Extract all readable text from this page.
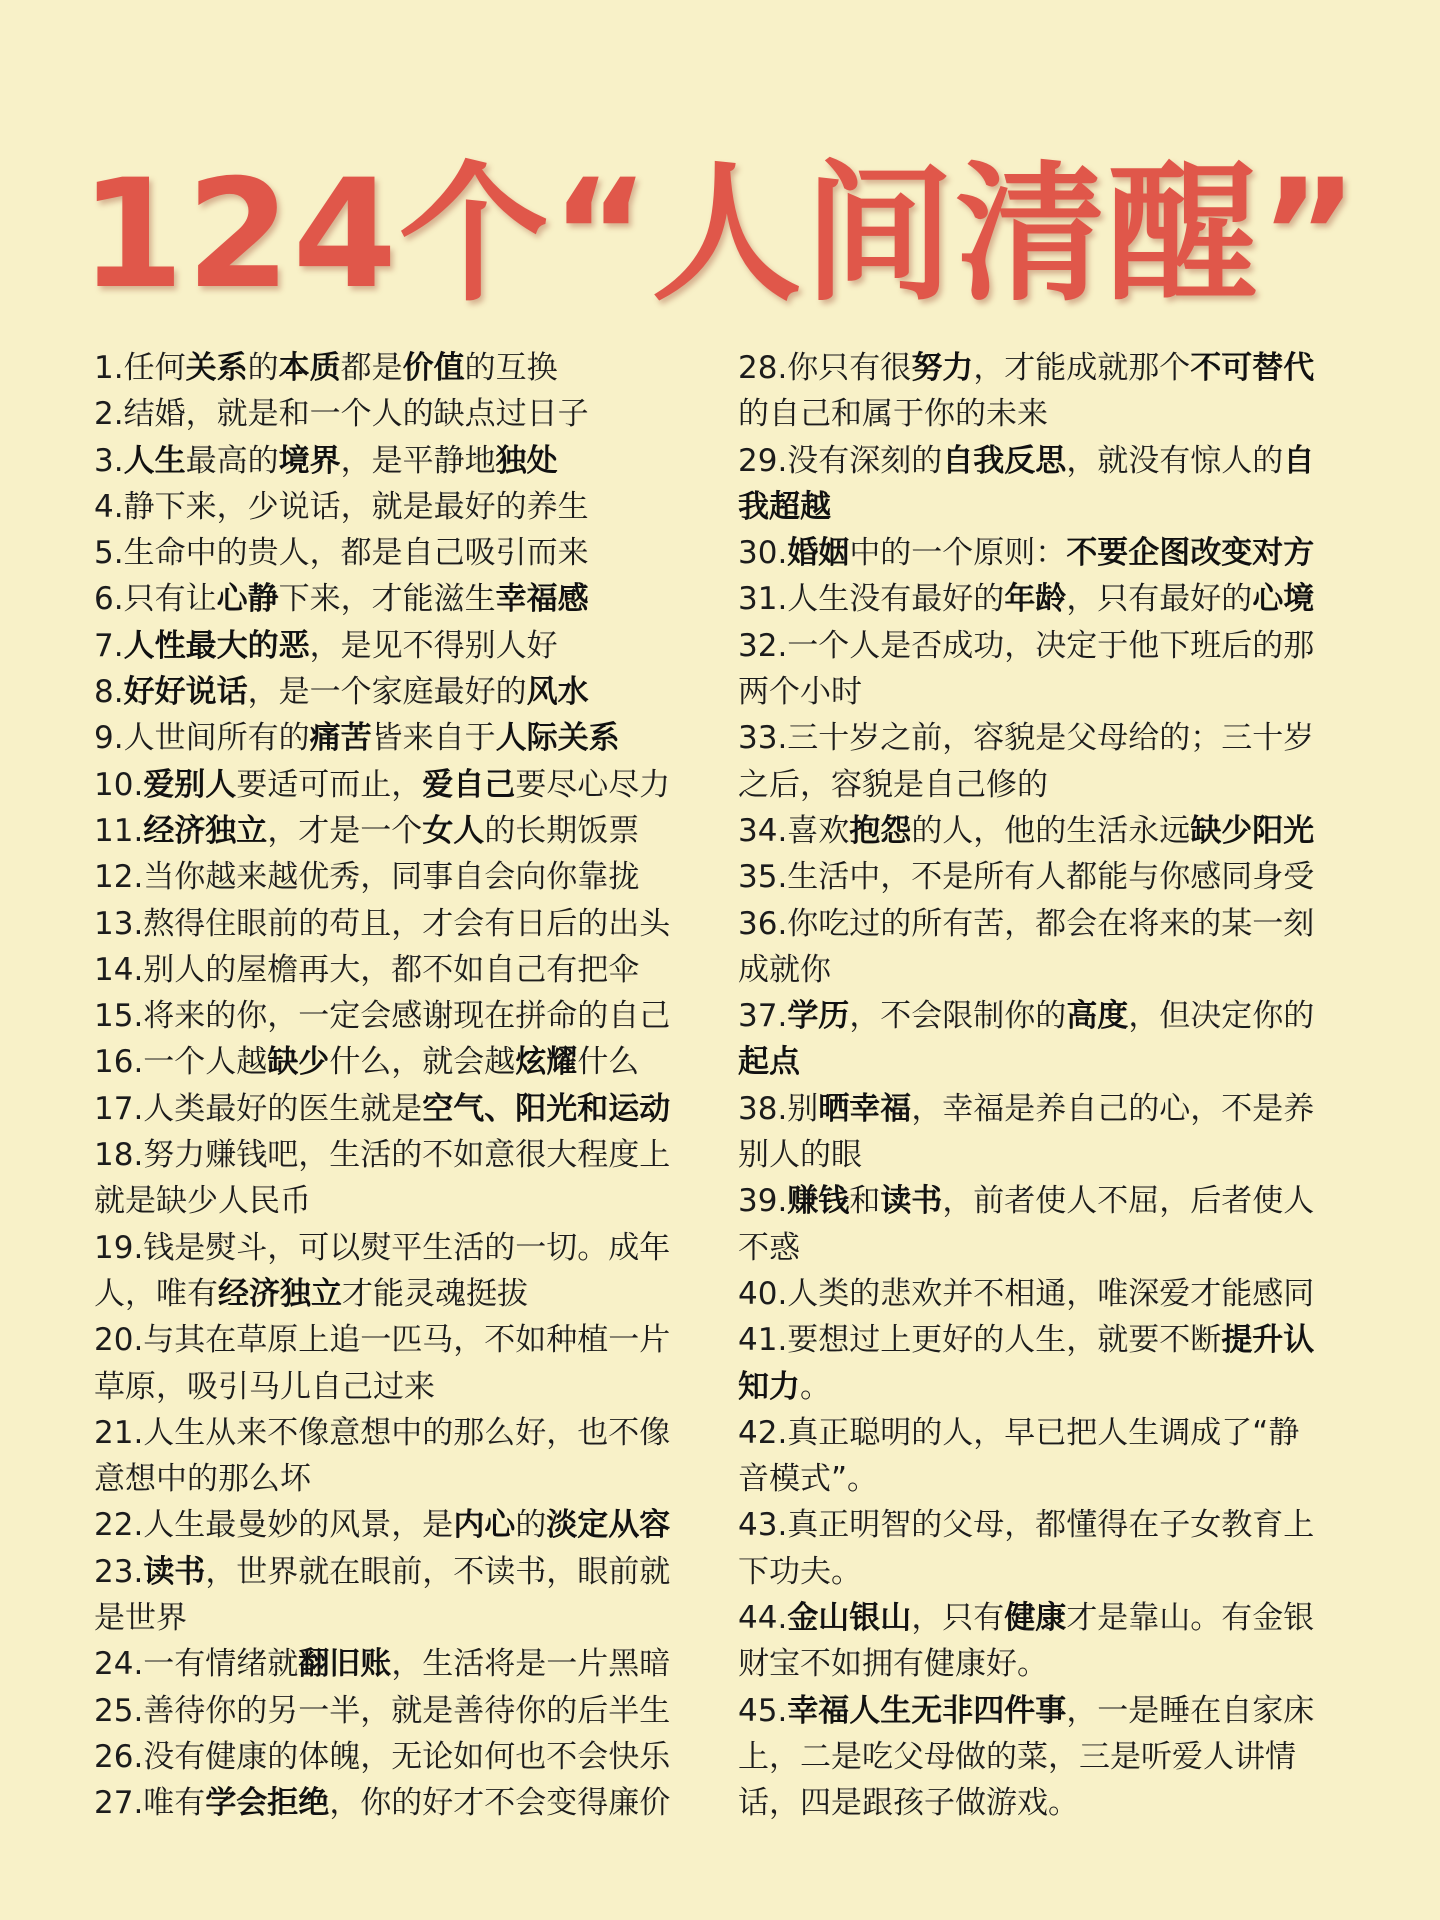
124个“人间清醒”
1.任何关系的本质都是价值的互换
2.结婚，就是和一个人的缺点过日子
3.人生最高的境界，是平静地独处
4.静下来，少说话，就是最好的养生
5.生命中的贵人，都是自己吸引而来
6.只有让心静下来，才能滋生幸福感
7.人性最大的恶，是见不得别人好
8.好好说话，是一个家庭最好的风水
9.人世间所有的痛苦皆来自于人际关系
10.爱别人要适可而止，爱自己要尽心尽力
11.经济独立，才是一个女人的长期饭票
12.当你越来越优秀，同事自会向你靠拢
13.熬得住眼前的苟且，才会有日后的出头
14.别人的屋檐再大，都不如自己有把伞
15.将来的你，一定会感谢现在拼命的自己
16.一个人越缺少什么，就会越炫耀什么
17.人类最好的医生就是空气、阳光和运动
18.努力赚钱吧，生活的不如意很大程度上
就是缺少人民币
19.钱是熨斗，可以熨平生活的一切。成年
人，唯有经济独立才能灵魂挺拔
20.与其在草原上追一匹马，不如种植一片
草原，吸引马儿自己过来
21.人生从来不像意想中的那么好，也不像
意想中的那么坏
22.人生最曼妙的风景，是内心的淡定从容
23.读书，世界就在眼前，不读书，眼前就
是世界
24.一有情绪就翻旧账，生活将是一片黑暗
25.善待你的另一半，就是善待你的后半生
26.没有健康的体魄，无论如何也不会快乐
27.唯有学会拒绝，你的好才不会变得廉价
28.你只有很努力，才能成就那个不可替代
的自己和属于你的未来
29.没有深刻的自我反思，就没有惊人的自
我超越
30.婚姻中的一个原则：不要企图改变对方
31.人生没有最好的年龄，只有最好的心境
32.一个人是否成功，决定于他下班后的那
两个小时
33.三十岁之前，容貌是父母给的；三十岁
之后，容貌是自己修的
34.喜欢抱怨的人，他的生活永远缺少阳光
35.生活中，不是所有人都能与你感同身受
36.你吃过的所有苦，都会在将来的某一刻
成就你
37.学历，不会限制你的高度，但决定你的
起点
38.别晒幸福，幸福是养自己的心，不是养
别人的眼
39.赚钱和读书，前者使人不屈，后者使人
不惑
40.人类的悲欢并不相通，唯深爱才能感同
41.要想过上更好的人生，就要不断提升认
知力。
42.真正聪明的人，早已把人生调成了“静
音模式”。
43.真正明智的父母，都懂得在子女教育上
下功夫。
44.金山银山，只有健康才是靠山。有金银
财宝不如拥有健康好。
45.幸福人生无非四件事，一是睡在自家床
上，二是吃父母做的菜，三是听爱人讲情
话，四是跟孩子做游戏。
